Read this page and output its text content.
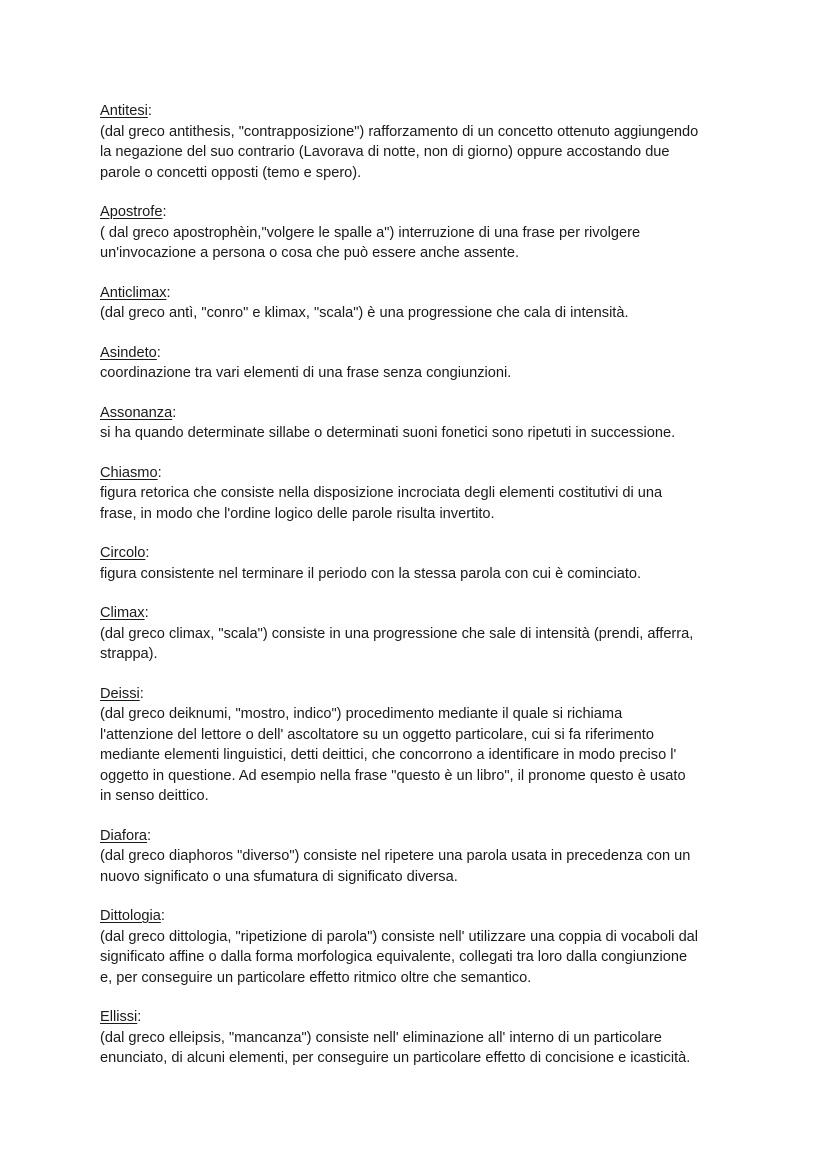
Antitesi:

(dal greco antithesis, "contrapposizione") rafforzamento di un concetto ottenuto aggiungendo
la negazione del suo contrario (Lavorava di notte, non di giorno) oppure accostando due
parole o concetti opposti (temo e spero).

Apostrofe:

( dal greco apostrophèin,"volgere le spalle a") interruzione di una frase per rivolgere
un'invocazione a persona o cosa che può essere anche assente.

Anticlimax:

(dal greco antì, "conro" e klimax, "scala") è una progressione che cala di intensità.

Asindeto:

coordinazione tra vari elementi di una frase senza congiunzioni.

Assonanza:

si ha quando determinate sillabe o determinati suoni fonetici sono ripetuti in successione.

Chiasmo:

figura retorica che consiste nella disposizione incrociata degli elementi costitutivi di una
frase, in modo che l'ordine logico delle parole risulta invertito.

Circolo:

figura consistente nel terminare il periodo con la stessa parola con cui è cominciato.

Climax:

(dal greco climax, "scala") consiste in una progressione che sale di intensità (prendi, afferra,
strappa).

Deissi:

(dal greco deiknumi, "mostro, indico") procedimento mediante il quale si richiama
l'attenzione del lettore o dell' ascoltatore su un oggetto particolare, cui si fa riferimento
mediante elementi linguistici, detti deittici, che concorrono a identificare in modo preciso l'
oggetto in questione. Ad esempio nella frase "questo è un libro", il pronome questo è usato
in senso deittico.

Diafora:

(dal greco diaphoros "diverso") consiste nel ripetere una parola usata in precedenza con un
nuovo significato o una sfumatura di significato diversa.

Dittologia:

(dal greco dittologia, "ripetizione di parola") consiste nell' utilizzare una coppia di vocaboli dal
significato affine o dalla forma morfologica equivalente, collegati tra loro dalla congiunzione
e, per conseguire un particolare effetto ritmico oltre che semantico.

Ellissi:

(dal greco elleipsis, "mancanza") consiste nell' eliminazione all' interno di un particolare
enunciato, di alcuni elementi, per conseguire un particolare effetto di concisione e icasticità.
